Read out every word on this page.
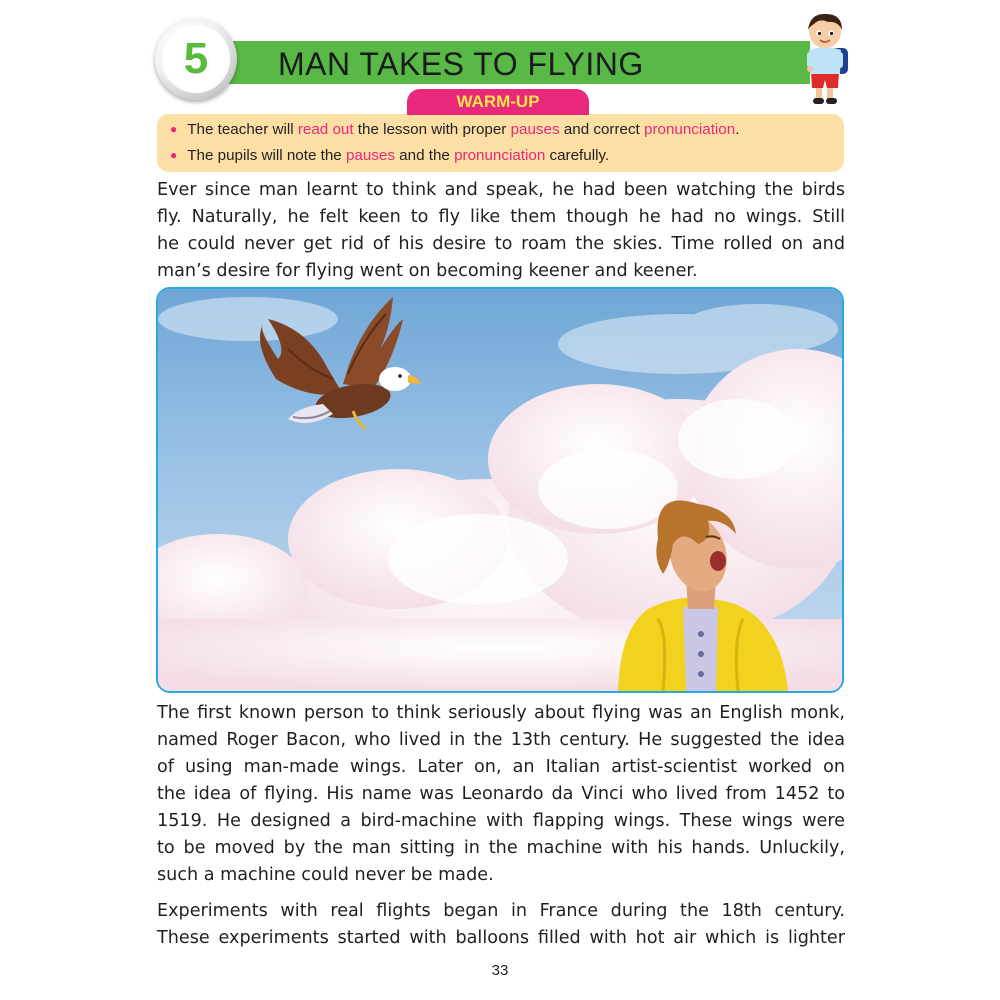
MAN TAKES TO FLYING
5
WARM-UP
● The teacher will read out the lesson with proper pauses and correct pronunciation.
● The pupils will note the pauses and the pronunciation carefully.
Ever since man learnt to think and speak, he had been watching the birds
fly. Naturally, he felt keen to fly like them though he had no wings. Still
he could never get rid of his desire to roam the skies. Time rolled on and
man’s desire for flying went on becoming keener and keener.
The first known person to think seriously about flying was an English monk,
named Roger Bacon, who lived in the 13th century. He suggested the idea
of using man-made wings. Later on, an Italian artist-scientist worked on
the idea of flying. His name was Leonardo da Vinci who lived from 1452 to
1519. He designed a bird-machine with flapping wings. These wings were
to be moved by the man sitting in the machine with his hands. Unluckily,
such a machine could never be made.
Experiments with real flights began in France during the 18th century.
These experiments started with balloons filled with hot air which is lighter
33
